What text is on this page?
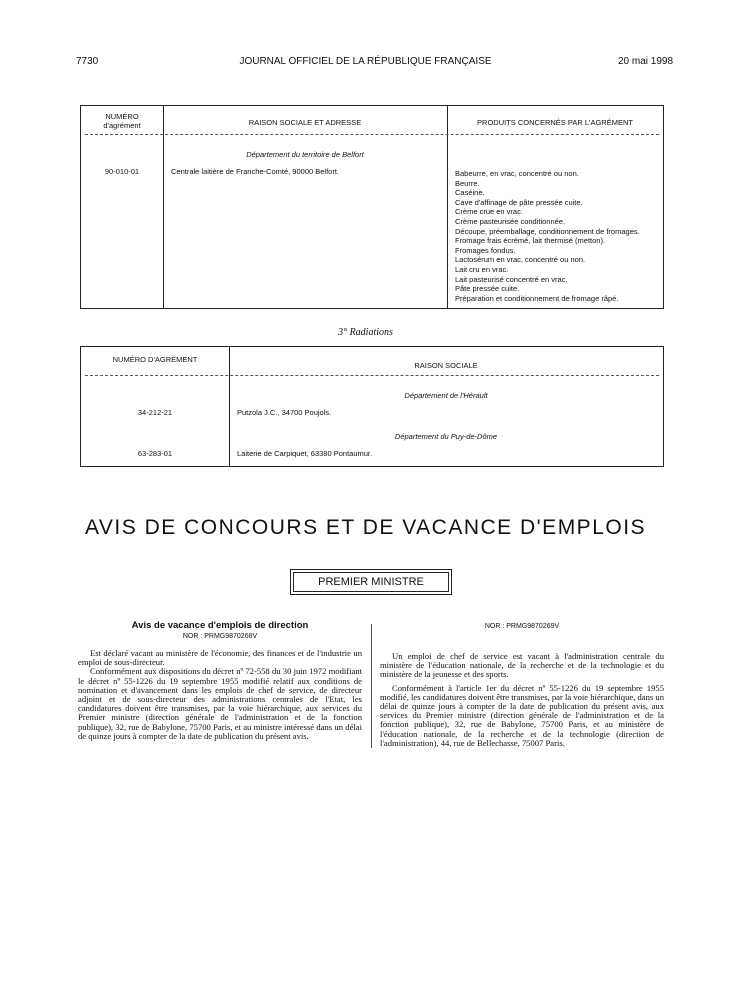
7730	JOURNAL OFFICIEL DE LA RÉPUBLIQUE FRANÇAISE	20 mai 1998
NUMÉRO
d'agrément	RAISON SOCIALE ET ADRESSE	PRODUITS CONCERNÉS PAR L'AGRÉMENT
Département du territoire de Belfort
90-010-01	Centrale laitière de Franche-Comté, 90000 Belfort.	Babeurre, en vrac, concentré ou non.
Beurre.
Caséine.
Cave d'affinage de pâte pressée cuite.
Crème crue en vrac.
Crème pasteurisée conditionnée.
Découpe, préemballage, conditionnement de fromages.
Fromage frais écrémé, lait thermisé (metton).
Fromages fondus.
Lactosérum en vrac, concentré ou non.
Lait cru en vrac.
Lait pasteurisé concentré en vrac.
Pâte pressée cuite.
Préparation et conditionnement de fromage râpé.
3° Radiations
NUMÉRO D'AGRÉMENT
RAISON SOCIALE
Département de l'Hérault
34-212-21	Putzola J.C., 34700 Poujols.
Département du Puy-de-Dôme
63-283-01	Laiterie de Carpiquet, 63380 Pontaumur.
AVIS DE CONCOURS ET DE VACANCE D'EMPLOIS
PREMIER MINISTRE
Avis de vacance d'emplois de direction
NOR : PRMG9870268V

Est déclaré vacant au ministère de l'économie, des finances et de l'industrie un emploi de sous-directeur.

Conformément aux dispositions du décret nº 72-558 du 30 juin 1972 modifiant le décret nº 55-1226 du 19 septembre 1955 modifié relatif aux conditions de nomination et d'avancement dans les emplois de chef de service, de directeur adjoint et de sous-directeur des administrations centrales de l'Etat, les candidatures doivent être transmises, par la voie hiérarchique, aux services du Premier ministre (direction générale de l'administration et de la fonction publique), 32, rue de Babylone, 75700 Paris, et au ministre intéressé dans un délai de quinze jours à compter de la date de publication du présent avis.

NOR : PRMG9870269V

Un emploi de chef de service est vacant à l'administration centrale du ministère de l'éducation nationale, de la recherche et de la technologie et du ministère de la jeunesse et des sports.

Conformément à l'article 1er du décret nº 55-1226 du 19 septembre 1955 modifié, les candidatures doivent être transmises, par la voie hiérarchique, dans un délai de quinze jours à compter de la date de publication du présent avis, aux services du Premier ministre (direction générale de l'administration et de la fonction publique), 32, rue de Babylone, 75700 Paris, et au ministère de l'éducation nationale, de la recherche et de la technologie (direction de l'administration), 44, rue de Bellechasse, 75007 Paris.
